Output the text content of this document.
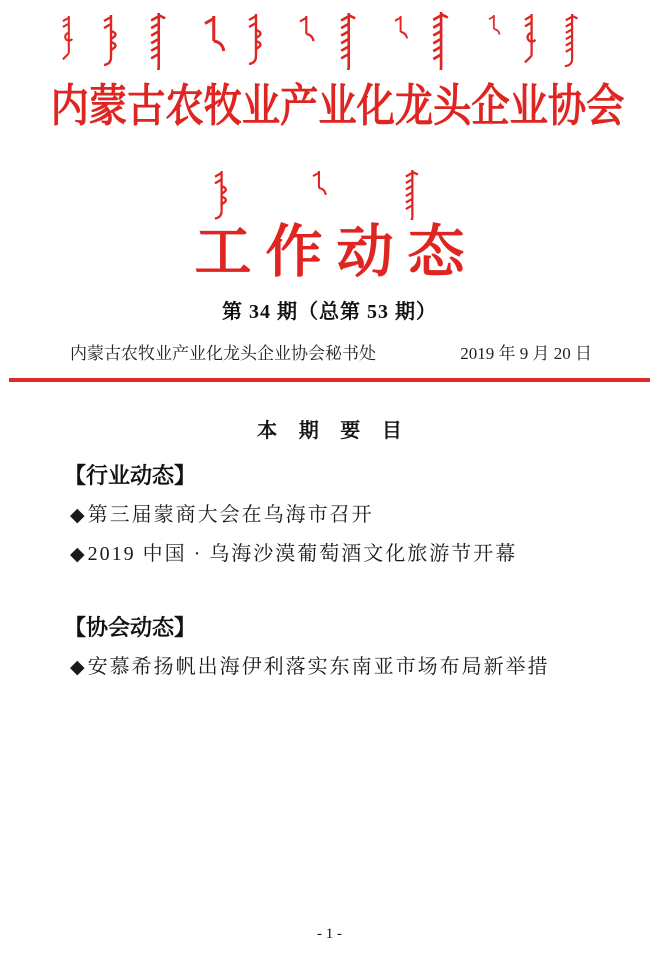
内蒙古农牧业产业化龙头企业协会
工作动态
第 34 期（总第 53 期）
内蒙古农牧业产业化龙头企业协会秘书处	2019 年 9 月 20 日
本 期 要 目
【行业动态】
◆第三届蒙商大会在乌海市召开
◆2019 中国 · 乌海沙漠葡萄酒文化旅游节开幕
【协会动态】
◆安慕希扬帆出海伊利落实东南亚市场布局新举措
- 1 -
